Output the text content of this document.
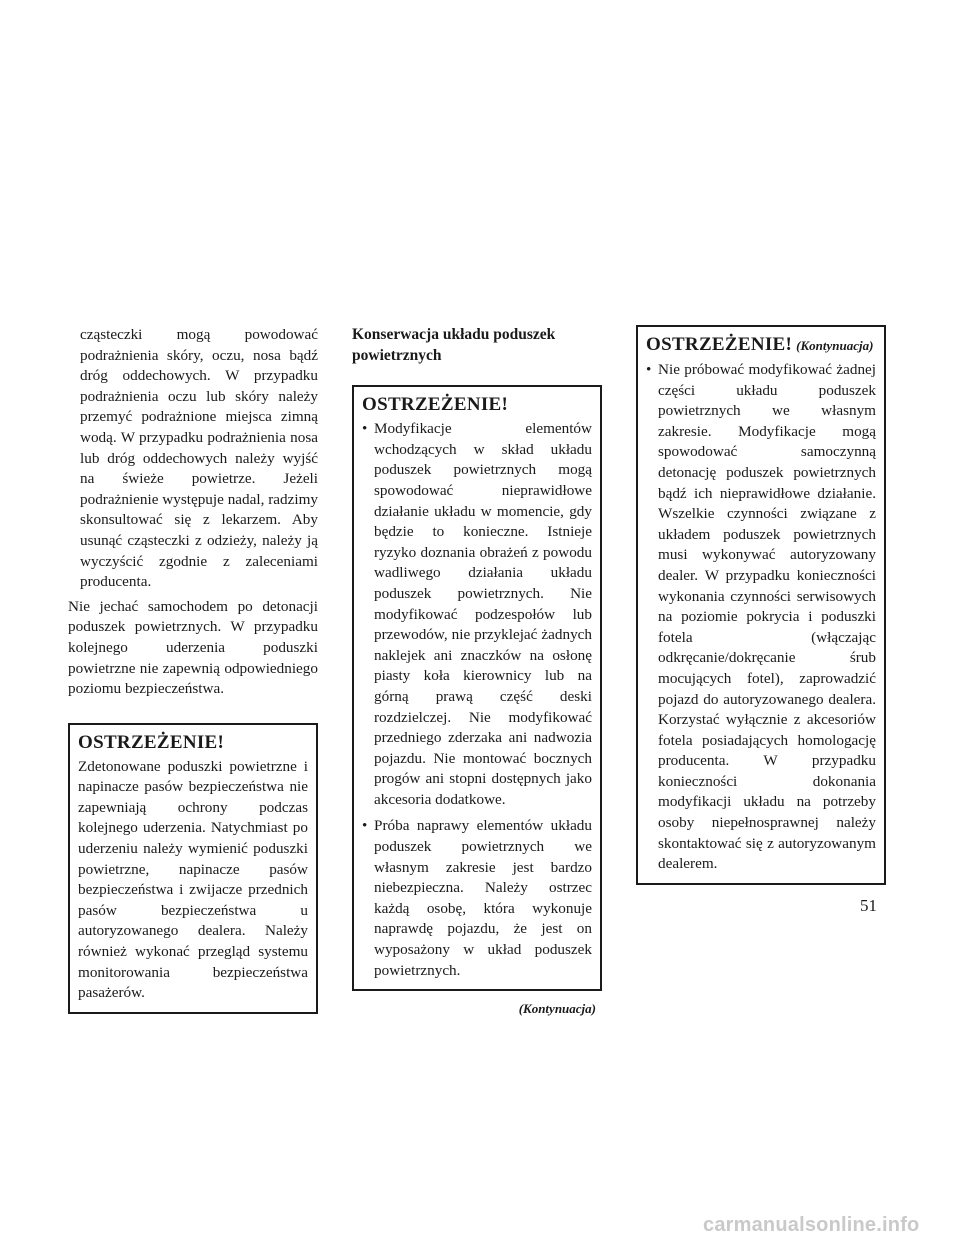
cząsteczki mogą powodować podrażnienia skóry, oczu, nosa bądź dróg oddechowych. W przypadku podrażnienia oczu lub skóry należy przemyć podrażnione miejsca zimną wodą. W przypadku podrażnienia nosa lub dróg oddechowych należy wyjść na świeże powietrze. Jeżeli podrażnienie występuje nadal, radzimy skonsultować się z lekarzem. Aby usunąć cząsteczki z odzieży, należy ją wyczyścić zgodnie z zaleceniami producenta.

Nie jechać samochodem po detonacji poduszek powietrznych. W przypadku kolejnego uderzenia poduszki powietrzne nie zapewnią odpowiedniego poziomu bezpieczeństwa.

OSTRZEŻENIE!
Zdetonowane poduszki powietrzne i napinacze pasów bezpieczeństwa nie zapewniają ochrony podczas kolejnego uderzenia. Natychmiast po uderzeniu należy wymienić poduszki powietrzne, napinacze pasów bezpieczeństwa i zwijacze przednich pasów bezpieczeństwa u autoryzowanego dealera. Należy również wykonać przegląd systemu monitorowania bezpieczeństwa pasażerów.
Konserwacja układu poduszek powietrznych
OSTRZEŻENIE!
• Modyfikacje elementów wchodzących w skład układu poduszek powietrznych mogą spowodować nieprawidłowe działanie układu w momencie, gdy będzie to konieczne. Istnieje ryzyko doznania obrażeń z powodu wadliwego działania układu poduszek powietrznych. Nie modyfikować podzespołów lub przewodów, nie przyklejać żadnych naklejek ani znaczków na osłonę piasty koła kierownicy lub na górną prawą część deski rozdzielczej. Nie modyfikować przedniego zderzaka ani nadwozia pojazdu. Nie montować bocznych progów ani stopni dostępnych jako akcesoria dodatkowe.
• Próba naprawy elementów układu poduszek powietrznych we własnym zakresie jest bardzo niebezpieczna. Należy ostrzec każdą osobę, która wykonuje naprawdę pojazdu, że jest on wyposażony w układ poduszek powietrznych.
(Kontynuacja)
OSTRZEŻENIE! (Kontynuacja)
• Nie próbować modyfikować żadnej części układu poduszek powietrznych we własnym zakresie. Modyfikacje mogą spowodować samoczynną detonację poduszek powietrznych bądź ich nieprawidłowe działanie. Wszelkie czynności związane z układem poduszek powietrznych musi wykonywać autoryzowany dealer. W przypadku konieczności wykonania czynności serwisowych na poziomie pokrycia i poduszki fotela (włączając odkręcanie/dokręcanie śrub mocujących fotel), zaprowadzić pojazd do autoryzowanego dealera. Korzystać wyłącznie z akcesoriów fotela posiadających homologację producenta. W przypadku konieczności dokonania modyfikacji układu na potrzeby osoby niepełnosprawnej należy skontaktować się z autoryzowanym dealerem.
51
carmanualsonline.info
